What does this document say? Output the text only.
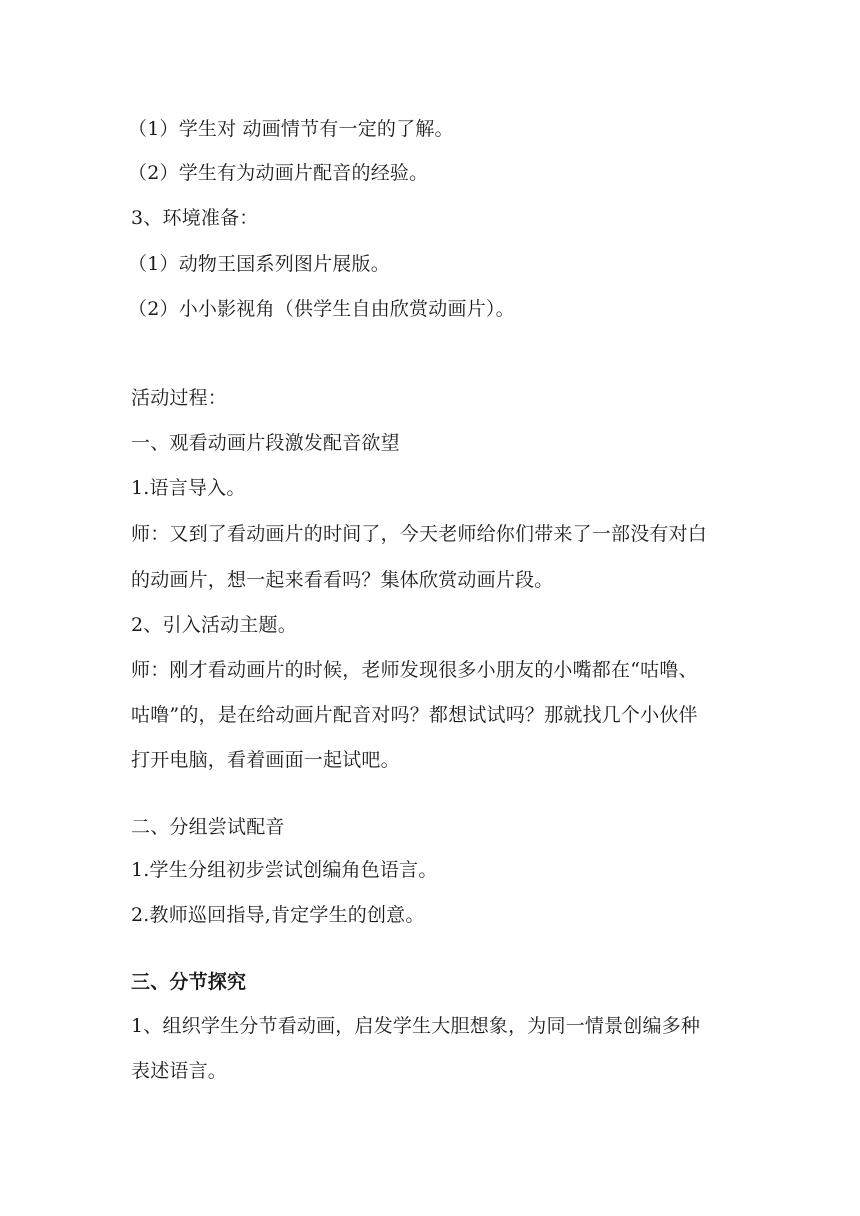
（1）学生对 动画情节有一定的了解。
（2）学生有为动画片配音的经验。
3、环境准备：
（1）动物王国系列图片展版。
（2）小小影视角（供学生自由欣赏动画片）。
活动过程：
一、观看动画片段激发配音欲望
1.语言导入。
师：又到了看动画片的时间了，今天老师给你们带来了一部没有对白
的动画片，想一起来看看吗？集体欣赏动画片段。
2、引入活动主题。
师：刚才看动画片的时候，老师发现很多小朋友的小嘴都在“咕噜、
咕噜”的，是在给动画片配音对吗？都想试试吗？那就找几个小伙伴
打开电脑，看着画面一起试吧。
二、分组尝试配音
1.学生分组初步尝试创编角色语言。
2.教师巡回指导,肯定学生的创意。
三、分节探究
1、组织学生分节看动画，启发学生大胆想象，为同一情景创编多种
表述语言。
